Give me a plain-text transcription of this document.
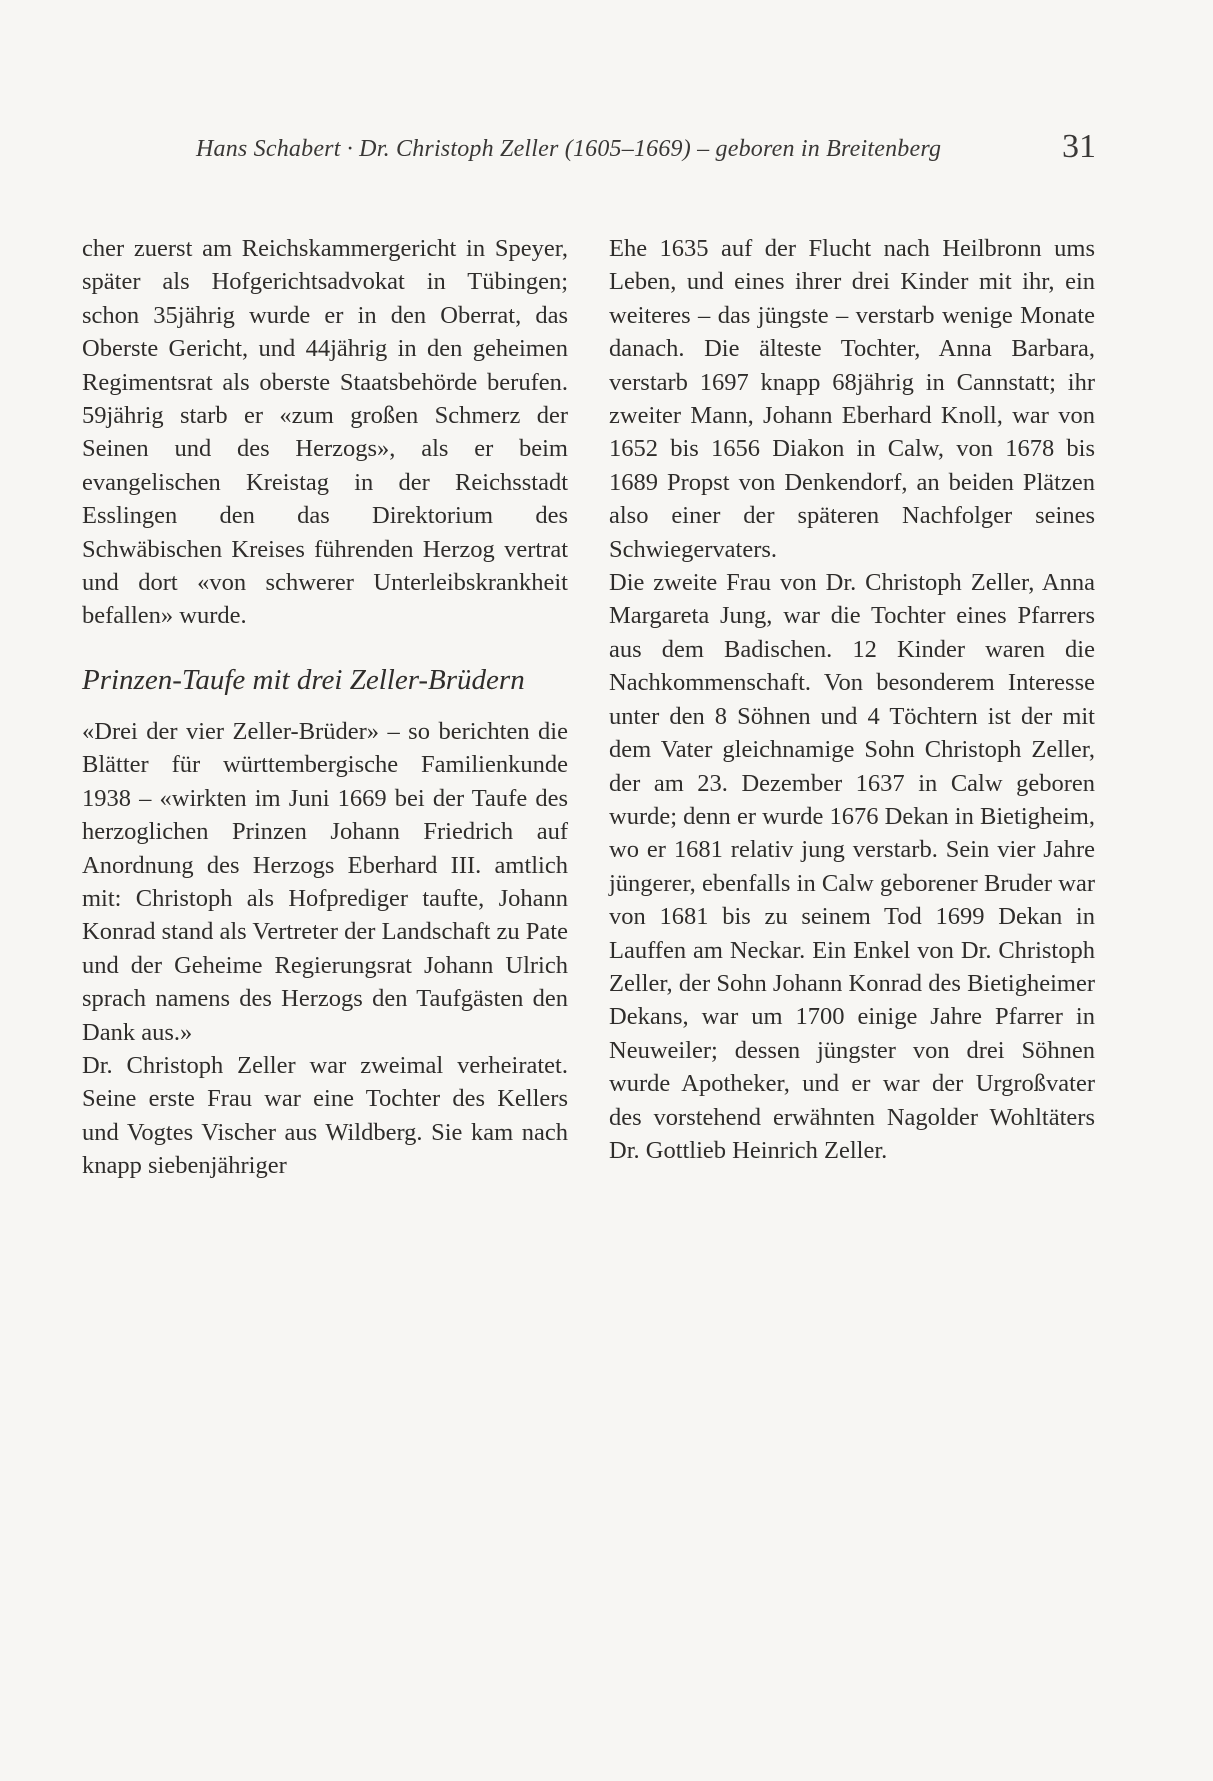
Hans Schabert · Dr. Christoph Zeller (1605–1669) – geboren in Breitenberg	31

cher zuerst am Reichskammergericht in Speyer, später als Hofgerichtsadvokat in Tübingen; schon 35jährig wurde er in den Oberrat, das Oberste Gericht, und 44jährig in den geheimen Regimentsrat als oberste Staatsbehörde berufen. 59jährig starb er «zum großen Schmerz der Seinen und des Herzogs», als er beim evangelischen Kreistag in der Reichsstadt Esslingen den das Direktorium des Schwäbischen Kreises führenden Herzog vertrat und dort «von schwerer Unterleibskrankheit befallen» wurde.

Prinzen-Taufe mit drei Zeller-Brüdern

«Drei der vier Zeller-Brüder» – so berichten die Blätter für württembergische Familienkunde 1938 – «wirkten im Juni 1669 bei der Taufe des herzoglichen Prinzen Johann Friedrich auf Anordnung des Herzogs Eberhard III. amtlich mit: Christoph als Hofprediger taufte, Johann Konrad stand als Vertreter der Landschaft zu Pate und der Geheime Regierungsrat Johann Ulrich sprach namens des Herzogs den Taufgästen den Dank aus.»

Dr. Christoph Zeller war zweimal verheiratet. Seine erste Frau war eine Tochter des Kellers und Vogtes Vischer aus Wildberg. Sie kam nach knapp siebenjähriger

Ehe 1635 auf der Flucht nach Heilbronn ums Leben, und eines ihrer drei Kinder mit ihr, ein weiteres – das jüngste – verstarb wenige Monate danach. Die älteste Tochter, Anna Barbara, verstarb 1697 knapp 68jährig in Cannstatt; ihr zweiter Mann, Johann Eberhard Knoll, war von 1652 bis 1656 Diakon in Calw, von 1678 bis 1689 Propst von Denkendorf, an beiden Plätzen also einer der späteren Nachfolger seines Schwiegervaters.

Die zweite Frau von Dr. Christoph Zeller, Anna Margareta Jung, war die Tochter eines Pfarrers aus dem Badischen. 12 Kinder waren die Nachkommenschaft. Von besonderem Interesse unter den 8 Söhnen und 4 Töchtern ist der mit dem Vater gleichnamige Sohn Christoph Zeller, der am 23. Dezember 1637 in Calw geboren wurde; denn er wurde 1676 Dekan in Bietigheim, wo er 1681 relativ jung verstarb. Sein vier Jahre jüngerer, ebenfalls in Calw geborener Bruder war von 1681 bis zu seinem Tod 1699 Dekan in Lauffen am Neckar. Ein Enkel von Dr. Christoph Zeller, der Sohn Johann Konrad des Bietigheimer Dekans, war um 1700 einige Jahre Pfarrer in Neuweiler; dessen jüngster von drei Söhnen wurde Apotheker, und er war der Urgroßvater des vorstehend erwähnten Nagolder Wohltäters Dr. Gottlieb Heinrich Zeller.
